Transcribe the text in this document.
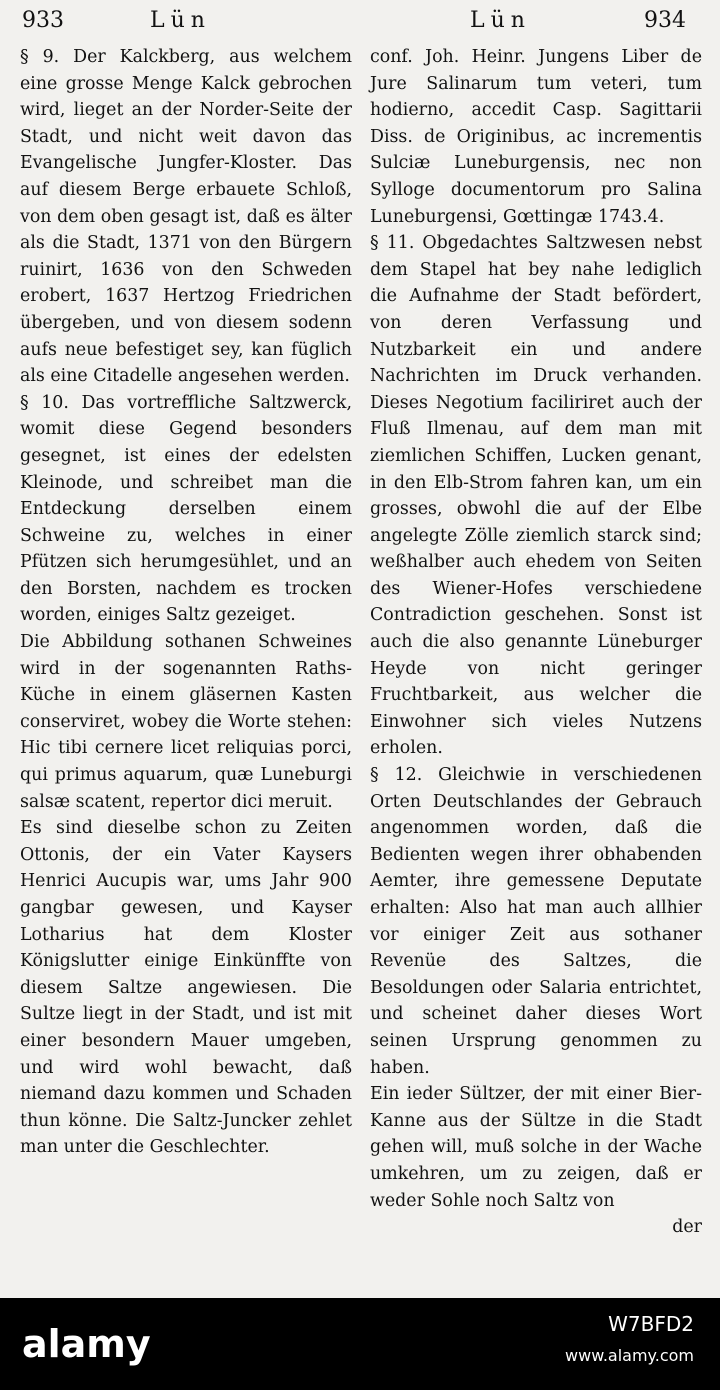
933	Lün	Lün	934

§ 9. Der Kalckberg, aus welchem eine grosse Menge Kalck gebrochen wird, lieget an der Norder-Seite der Stadt, und nicht weit davon das Evangelische Jungfer-Kloster. Das auf diesem Berge erbauete Schloß, von dem oben gesagt ist, daß es älter als die Stadt, 1371 von den Bürgern ruinirt, 1636 von den Schweden erobert, 1637 Hertzog Friedrichen übergeben, und von diesem sodenn aufs neue befestiget sey, kan füglich als eine Citadelle angesehen werden.

§ 10. Das vortreffliche Saltzwerck, womit diese Gegend besonders gesegnet, ist eines der edelsten Kleinode, und schreibet man die Entdeckung derselben einem Schweine zu, welches in einer Pfützen sich herumgesühlet, und an den Borsten, nachdem es trocken worden, einiges Saltz gezeiget.

Die Abbildung sothanen Schweines wird in der sogenannten Raths-Küche in einem gläsernen Kasten conserviret, wobey die Worte stehen: Hic tibi cernere licet reliquias porci, qui primus aquarum, quæ Luneburgi salsæ scatent, repertor dici meruit.

Es sind dieselbe schon zu Zeiten Ottonis, der ein Vater Kaysers Henrici Aucupis war, ums Jahr 900 gangbar gewesen, und Kayser Lotharius hat dem Kloster Königslutter einige Einkünffte von diesem Saltze angewiesen. Die Sultze liegt in der Stadt, und ist mit einer besondern Mauer umgeben, und wird wohl bewacht, daß niemand dazu kommen und Schaden thun könne. Die Saltz-Juncker zehlet man unter die Geschlechter.

conf. Joh. Heinr. Jungens Liber de Jure Salinarum tum veteri, tum hodierno, accedit Casp. Sagittarii Diss. de Originibus, ac incrementis Sulciæ Luneburgensis, nec non Sylloge documentorum pro Salina Luneburgensi, Gœttingæ 1743.4.

§ 11. Obgedachtes Saltzwesen nebst dem Stapel hat bey nahe lediglich die Aufnahme der Stadt befördert, von deren Verfassung und Nutzbarkeit ein und andere Nachrichten im Druck verhanden. Dieses Negotium faciliriret auch der Fluß Ilmenau, auf dem man mit ziemlichen Schiffen, Lucken genant, in den Elb-Strom fahren kan, um ein grosses, obwohl die auf der Elbe angelegte Zölle ziemlich starck sind; weßhalber auch ehedem von Seiten des Wiener-Hofes verschiedene Contradiction geschehen. Sonst ist auch die also genannte Lüneburger Heyde von nicht geringer Fruchtbarkeit, aus welcher die Einwohner sich vieles Nutzens erholen.

§ 12. Gleichwie in verschiedenen Orten Deutschlandes der Gebrauch angenommen worden, daß die Bedienten wegen ihrer obhabenden Aemter, ihre gemessene Deputate erhalten: Also hat man auch allhier vor einiger Zeit aus sothaner Revenüe des Saltzes, die Besoldungen oder Salaria entrichtet, und scheinet daher dieses Wort seinen Ursprung genommen zu haben.

Ein ieder Sültzer, der mit einer Bier-Kanne aus der Sültze in die Stadt gehen will, muß solche in der Wache umkehren, um zu zeigen, daß er weder Sohle noch Saltz von

der
alamy	W7BFD2
www.alamy.com
